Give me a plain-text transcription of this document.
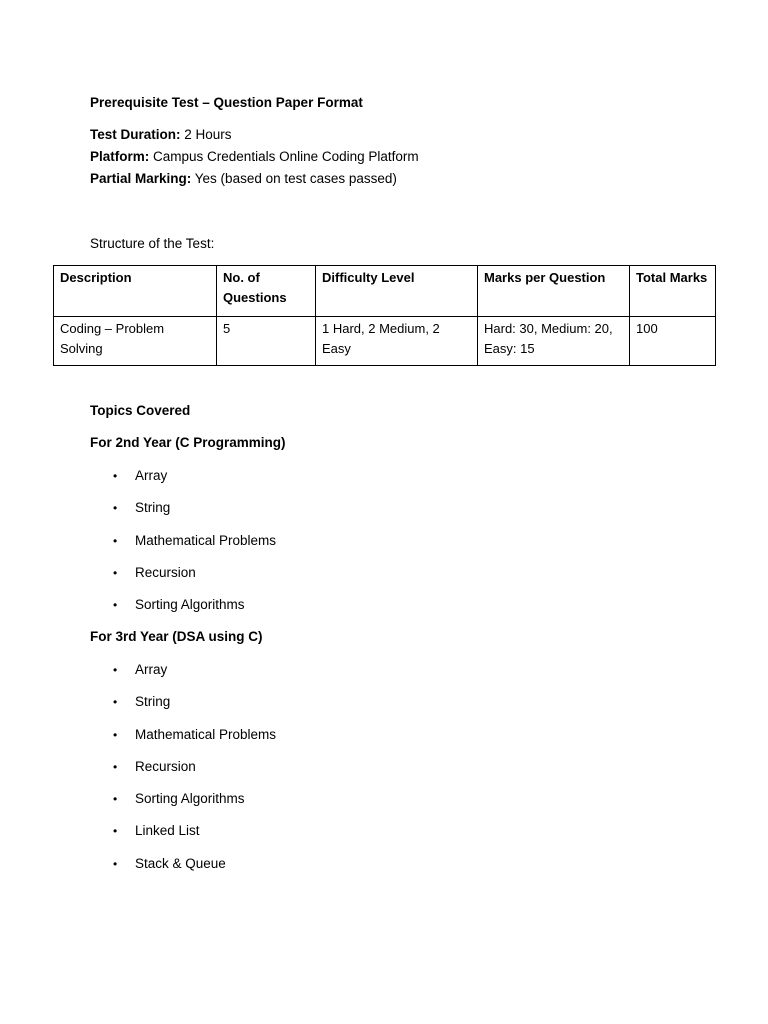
Prerequisite Test – Question Paper Format
Test Duration: 2 Hours
Platform: Campus Credentials Online Coding Platform
Partial Marking: Yes (based on test cases passed)
Structure of the Test:
Description	No. of Questions	Difficulty Level	Marks per Question	Total Marks
Coding – Problem Solving	5	1 Hard, 2 Medium, 2 Easy	Hard: 30, Medium: 20, Easy: 15	100
Topics Covered
For 2nd Year (C Programming)
•	Array
•	String
•	Mathematical Problems
•	Recursion
•	Sorting Algorithms
For 3rd Year (DSA using C)
•	Array
•	String
•	Mathematical Problems
•	Recursion
•	Sorting Algorithms
•	Linked List
•	Stack & Queue
